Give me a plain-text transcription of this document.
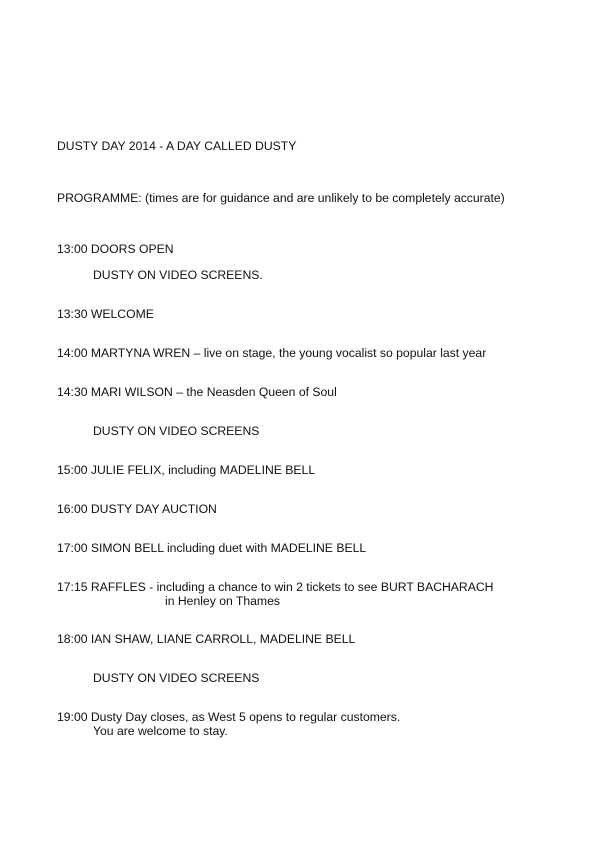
DUSTY DAY 2014 - A DAY CALLED DUSTY
PROGRAMME: (times are for guidance and are unlikely to be completely accurate)
13:00 DOORS OPEN
DUSTY ON VIDEO SCREENS.
13:30 WELCOME
14:00 MARTYNA WREN – live on stage, the young vocalist so popular last year
14:30 MARI WILSON – the Neasden Queen of Soul
DUSTY ON VIDEO SCREENS
15:00 JULIE FELIX, including MADELINE BELL
16:00 DUSTY DAY AUCTION
17:00 SIMON BELL including duet with MADELINE BELL
17:15 RAFFLES - including a chance to win 2 tickets to see BURT BACHARACH
in Henley on Thames
18:00 IAN SHAW, LIANE CARROLL, MADELINE BELL
DUSTY ON VIDEO SCREENS
19:00 Dusty Day closes, as West 5 opens to regular customers.
You are welcome to stay.
